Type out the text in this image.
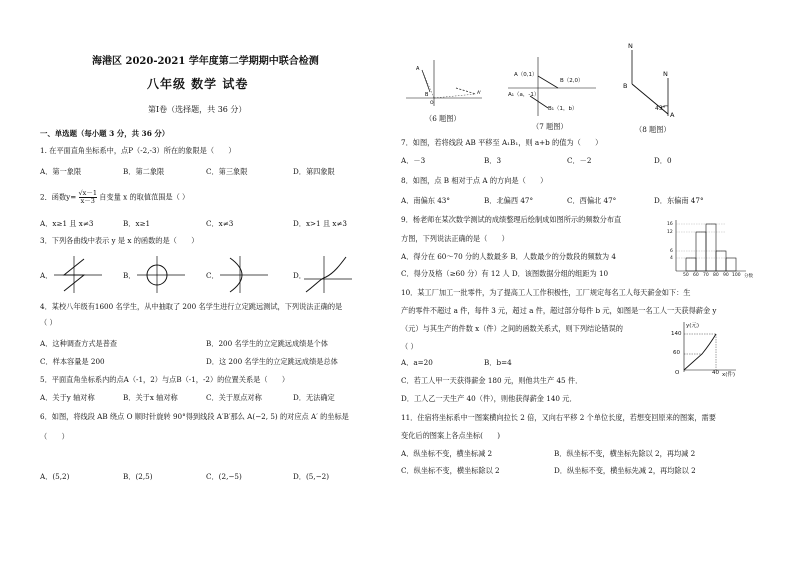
海港区 2020-2021 学年度第二学期期中联合检测
八年级 数学 试卷
第Ⅰ卷（选择题，共 36 分）
一、单选题（每小题 3 分，共 36 分）
1. 在平面直角坐标系中，点P（-2,-3）所在的象限是（　　）
A．第一象限	B．第二象限	C．第三象限	D．第四象限
2．函数$y= \frac{√x-1}{x-3}$ 自变量 x 的取值范围是（ ）
A．x≥1 且 x≠3	B．x≥1	C．x≠3	D．x>1 且 x≠3
3．下列各曲线中表示 y 是 x 的函数的是（　　）
A．	B．	C．	D．
4．某校八年级有1600 名学生，从中抽取了 200 名学生进行立定跳远测试，下列说法正确的是
（ ）
A．这种调查方式是普查	B．200 名学生的立定跳远成绩是个体
C．样本容量是 200	D．这 200 名学生的立定跳远成绩是总体
5．平面直角坐标系内的点A（-1，2）与点B（-1，-2）的位置关系是（　　）
A．关于y 轴对称	B．关于x 轴对称	C．关于原点对称	D．无法确定
6．如图，将线段 AB 绕点 O 顺时针旋转 90°得到线段 A′B′那么 A(−2, 5) 的对应点 A′ 的坐标是
（　　）
A．(5,2)	B．(2,5)	C．(2,−5)	D．(5,−2)
A
B
O
A'
（6 题图）
A（0,1）
B（2,0）
A₁（a，-1）
B₁（1，b）
（7 题图）
N
N
B
43°
A
（8 题图）
7．如图，若将线段 AB 平移至 A₁B₁，则 a+b 的值为（　　）
A．－3	B．3	C．－2	D．0
8．如图，点 B 相对于点 A 的方向是（　　）
A．南偏东 43°	B．北偏西 47°	C．西偏北 47°	D．东偏南 47°
9．杨老师在某次数学测试的成绩整理后绘制成如图所示的频数分布直
方图，下列说法正确的是（　　）
A．得分在 60～70 分的人数最多 B．人数最少的分数段的频数为 4
C．得分及格（≥60 分）有 12 人 D．该图数据分组的组距为 10
16
12
6
4
50 60 70 80 90 100 分数
10．某工厂加工一批零件，为了提高工人工作积极性，工厂规定每名工人每天薪金如下：生
产的零件不超过 a 件，每件 3 元，超过 a 件，超过部分每件 b 元，如图是一名工人一天获得薪金 y
（元）与其生产的件数 x（件）之间的函数关系式，则下列结论错误的
（ ）
A．a=20	B．b=4
C．若工人甲一天获得薪金 180 元，则他共生产 45 件．
D．工人乙一天生产 40（件），则他获得薪金 140 元．
y(元)
140
60
O	40 x(件)
11．住宿将坐标系中一图案横向拉长 2 倍，又向右平移 2 个单位长度，若想变回原来的图案，需要
变化后的图案上各点坐标(　　)
A．纵坐标不变，横坐标减 2	B．纵坐标不变，横坐标先除以 2，再均减 2
C．纵坐标不变，横坐标除以 2	D．纵坐标不变，横坐标先减 2，再均除以 2
